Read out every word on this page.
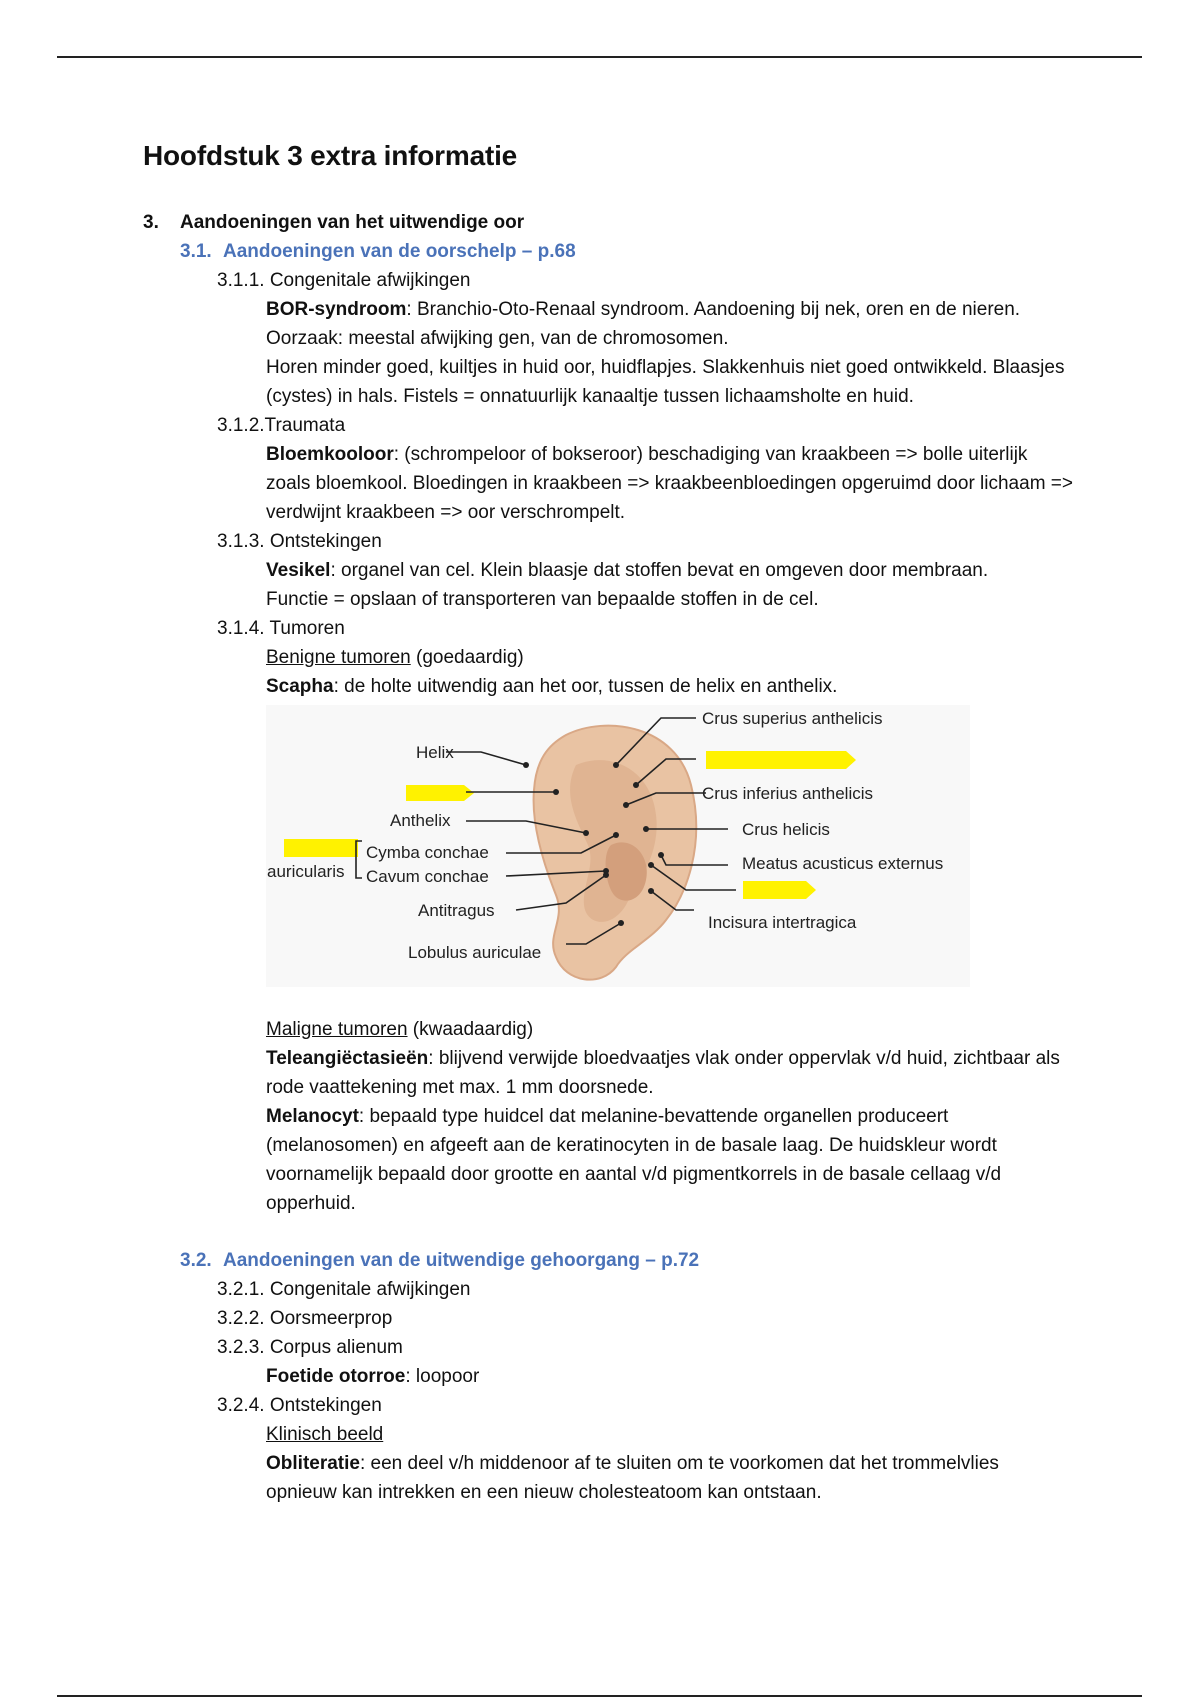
Hoofdstuk 3 extra informatie
3. Aandoeningen van het uitwendige oor
3.1. Aandoeningen van de oorschelp – p.68
3.1.1. Congenitale afwijkingen
BOR-syndroom: Branchio-Oto-Renaal syndroom. Aandoening bij nek, oren en de nieren. Oorzaak: meestal afwijking gen, van de chromosomen.
Horen minder goed, kuiltjes in huid oor, huidflapjes. Slakkenhuis niet goed ontwikkeld. Blaasjes (cystes) in hals. Fistels = onnatuurlijk kanaaltje tussen lichaamsholte en huid.
3.1.2.Traumata
Bloemkooloor: (schrompeloor of bokseroor) beschadiging van kraakbeen => bolle uiterlijk zoals bloemkool. Bloedingen in kraakbeen => kraakbeenbloedingen opgeruimd door lichaam => verdwijnt kraakbeen => oor verschrompelt.
3.1.3. Ontstekingen
Vesikel: organel van cel. Klein blaasje dat stoffen bevat en omgeven door membraan.
Functie = opslaan of transporteren van bepaalde stoffen in de cel.
3.1.4. Tumoren
Benigne tumoren (goedaardig)
Scapha: de holte uitwendig aan het oor, tussen de helix en anthelix.
Crus superius anthelicis
Helix
Crus inferius anthelicis
Anthelix	Crus helicis
Cymba conchae
Cavum conchae
auricularis	Meatus acusticus externus
Antitragus
Incisura intertragica
Lobulus auriculae
Maligne tumoren (kwaadaardig)
Teleangiëctasieën: blijvend verwijde bloedvaatjes vlak onder oppervlak v/d huid, zichtbaar als rode vaattekening met max. 1 mm doorsnede.
Melanocyt: bepaald type huidcel dat melanine-bevattende organellen produceert (melanosomen) en afgeeft aan de keratinocyten in de basale laag. De huidskleur wordt voornamelijk bepaald door grootte en aantal v/d pigmentkorrels in de basale cellaag v/d opperhuid.
3.2. Aandoeningen van de uitwendige gehoorgang – p.72
3.2.1. Congenitale afwijkingen
3.2.2. Oorsmeerprop
3.2.3. Corpus alienum
Foetide otorroe: loopoor
3.2.4. Ontstekingen
Klinisch beeld
Obliteratie: een deel v/h middenoor af te sluiten om te voorkomen dat het trommelvlies opnieuw kan intrekken en een nieuw cholesteatoom kan ontstaan.
